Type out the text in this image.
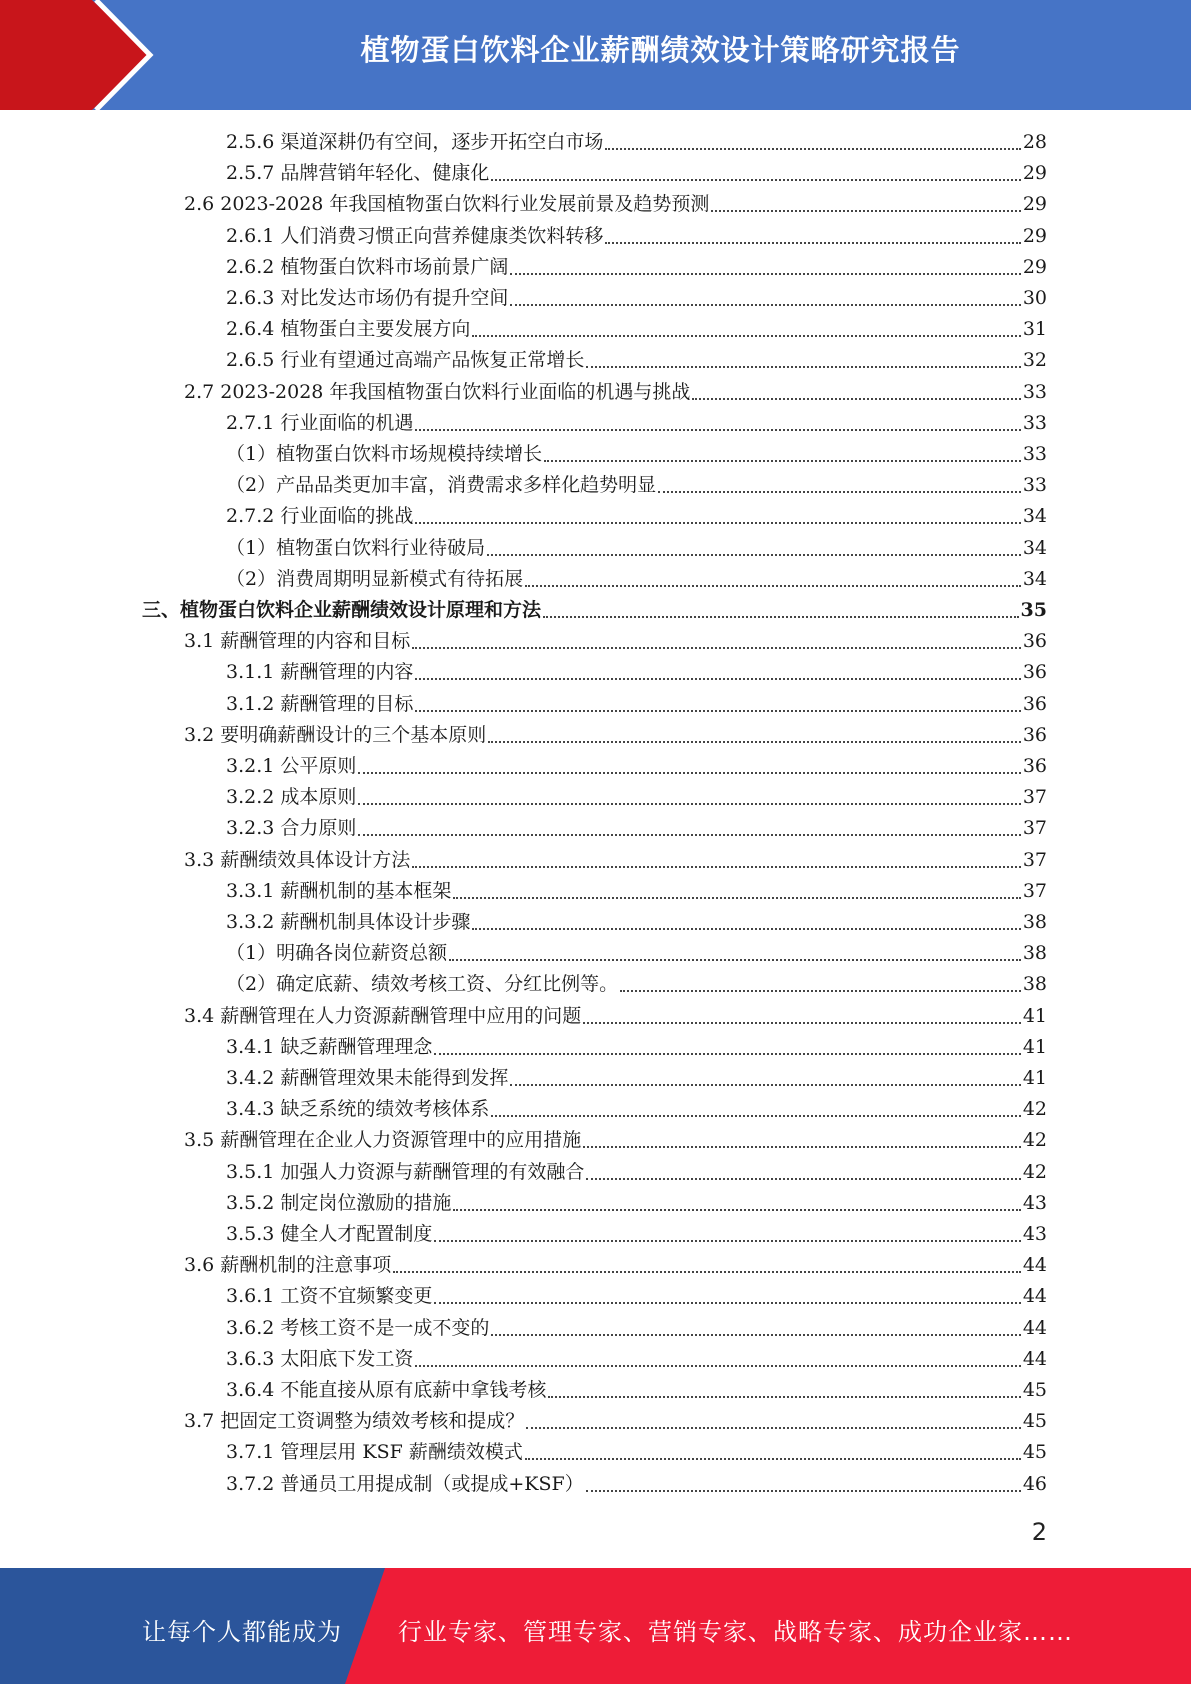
植物蛋白饮料企业薪酬绩效设计策略研究报告
2.5.6 渠道深耕仍有空间，逐步开拓空白市场	28
2.5.7 品牌营销年轻化、健康化	29
2.6 2023-2028 年我国植物蛋白饮料行业发展前景及趋势预测	29
2.6.1 人们消费习惯正向营养健康类饮料转移	29
2.6.2 植物蛋白饮料市场前景广阔	29
2.6.3 对比发达市场仍有提升空间	30
2.6.4 植物蛋白主要发展方向	31
2.6.5 行业有望通过高端产品恢复正常增长	32
2.7 2023-2028 年我国植物蛋白饮料行业面临的机遇与挑战	33
2.7.1 行业面临的机遇	33
（1）植物蛋白饮料市场规模持续增长	33
（2）产品品类更加丰富，消费需求多样化趋势明显	33
2.7.2 行业面临的挑战	34
（1）植物蛋白饮料行业待破局	34
（2）消费周期明显新模式有待拓展	34
三、植物蛋白饮料企业薪酬绩效设计原理和方法	35
3.1 薪酬管理的内容和目标	36
3.1.1 薪酬管理的内容	36
3.1.2 薪酬管理的目标	36
3.2 要明确薪酬设计的三个基本原则	36
3.2.1 公平原则	36
3.2.2 成本原则	37
3.2.3 合力原则	37
3.3 薪酬绩效具体设计方法	37
3.3.1 薪酬机制的基本框架	37
3.3.2 薪酬机制具体设计步骤	38
（1）明确各岗位薪资总额	38
（2）确定底薪、绩效考核工资、分红比例等。	38
3.4 薪酬管理在人力资源薪酬管理中应用的问题	41
3.4.1 缺乏薪酬管理理念	41
3.4.2 薪酬管理效果未能得到发挥	41
3.4.3 缺乏系统的绩效考核体系	42
3.5 薪酬管理在企业人力资源管理中的应用措施	42
3.5.1 加强人力资源与薪酬管理的有效融合	42
3.5.2 制定岗位激励的措施	43
3.5.3 健全人才配置制度	43
3.6 薪酬机制的注意事项	44
3.6.1 工资不宜频繁变更	44
3.6.2 考核工资不是一成不变的	44
3.6.3 太阳底下发工资	44
3.6.4 不能直接从原有底薪中拿钱考核	45
3.7 把固定工资调整为绩效考核和提成？	45
3.7.1 管理层用 KSF 薪酬绩效模式	45
3.7.2 普通员工用提成制（或提成+KSF）	46
2
让每个人都能成为 行业专家、管理专家、营销专家、战略专家、成功企业家……
